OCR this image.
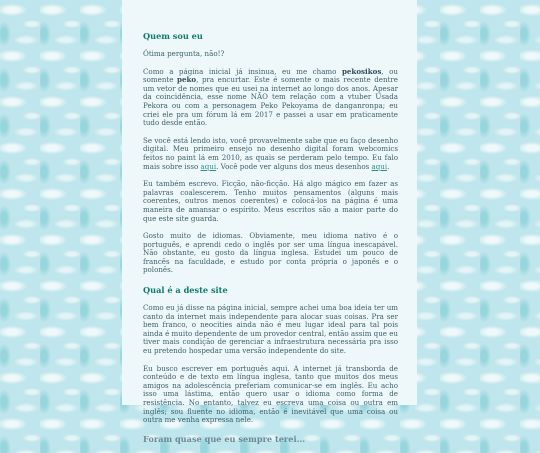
Quem sou eu

Ótima pergunta, não!?

Como a página inicial já insinua, eu me chamo pekosikos, ou somente peko, pra encurtar. Este é somente o mais recente dentre um vetor de nomes que eu usei na internet ao longo dos anos. Apesar da coincidência, esse nome NÃO tem relação com a vtuber Usada Pekora ou com a personagem Peko Pekoyama de danganronpa; eu criei ele pra um fórum lá em 2017 e passei a usar em praticamente tudo desde então.

Se você está lendo isto, você provavelmente sabe que eu faço desenho digital. Meu primeiro ensejo no desenho digital foram webcomics feitos no paint lá em 2010, as quais se perderam pelo tempo. Eu falo mais sobre isso aqui. Você pode ver alguns dos meus desenhos aqui.

Eu também escrevo. Ficção, não-ficção. Há algo mágico em fazer as palavras coalescerem. Tenho muitos pensamentos (alguns mais coerentes, outros menos coerentes) e colocá-los na página é uma maneira de amansar o espírito. Meus escritos são a maior parte do que este site guarda.

Gosto muito de idiomas. Obviamente, meu idioma nativo é o português, e aprendi cedo o inglês por ser uma língua inescapável. Não obstante, eu gosto da língua inglesa. Estudei um pouco de francês na faculdade, e estudo por conta própria o japonês e o polonês.

Qual é a deste site

Como eu já disse na página inicial, sempre achei uma boa ideia ter um canto da internet mais independente para alocar suas coisas. Pra ser bem franco, o neocities ainda não é meu lugar ideal para tal pois ainda é muito dependente de um provedor central, então assim que eu tiver mais condição de gerenciar a infraestrutura necessária pra isso eu pretendo hospedar uma versão independente do site.

Eu busco escrever em português aqui. A internet já transborda de conteúdo e de texto em língua inglesa, tanto que muitos dos meus amigos na adolescência preferiam comunicar-se em inglês. Eu acho isso uma lástima, então quero usar o idioma como forma de resistência. No entanto, talvez eu escreva uma coisa ou outra em inglês; sou fluente no idioma, então é inevitável que uma coisa ou outra me venha expressa nele.

Foram quase que eu sempre terei...
